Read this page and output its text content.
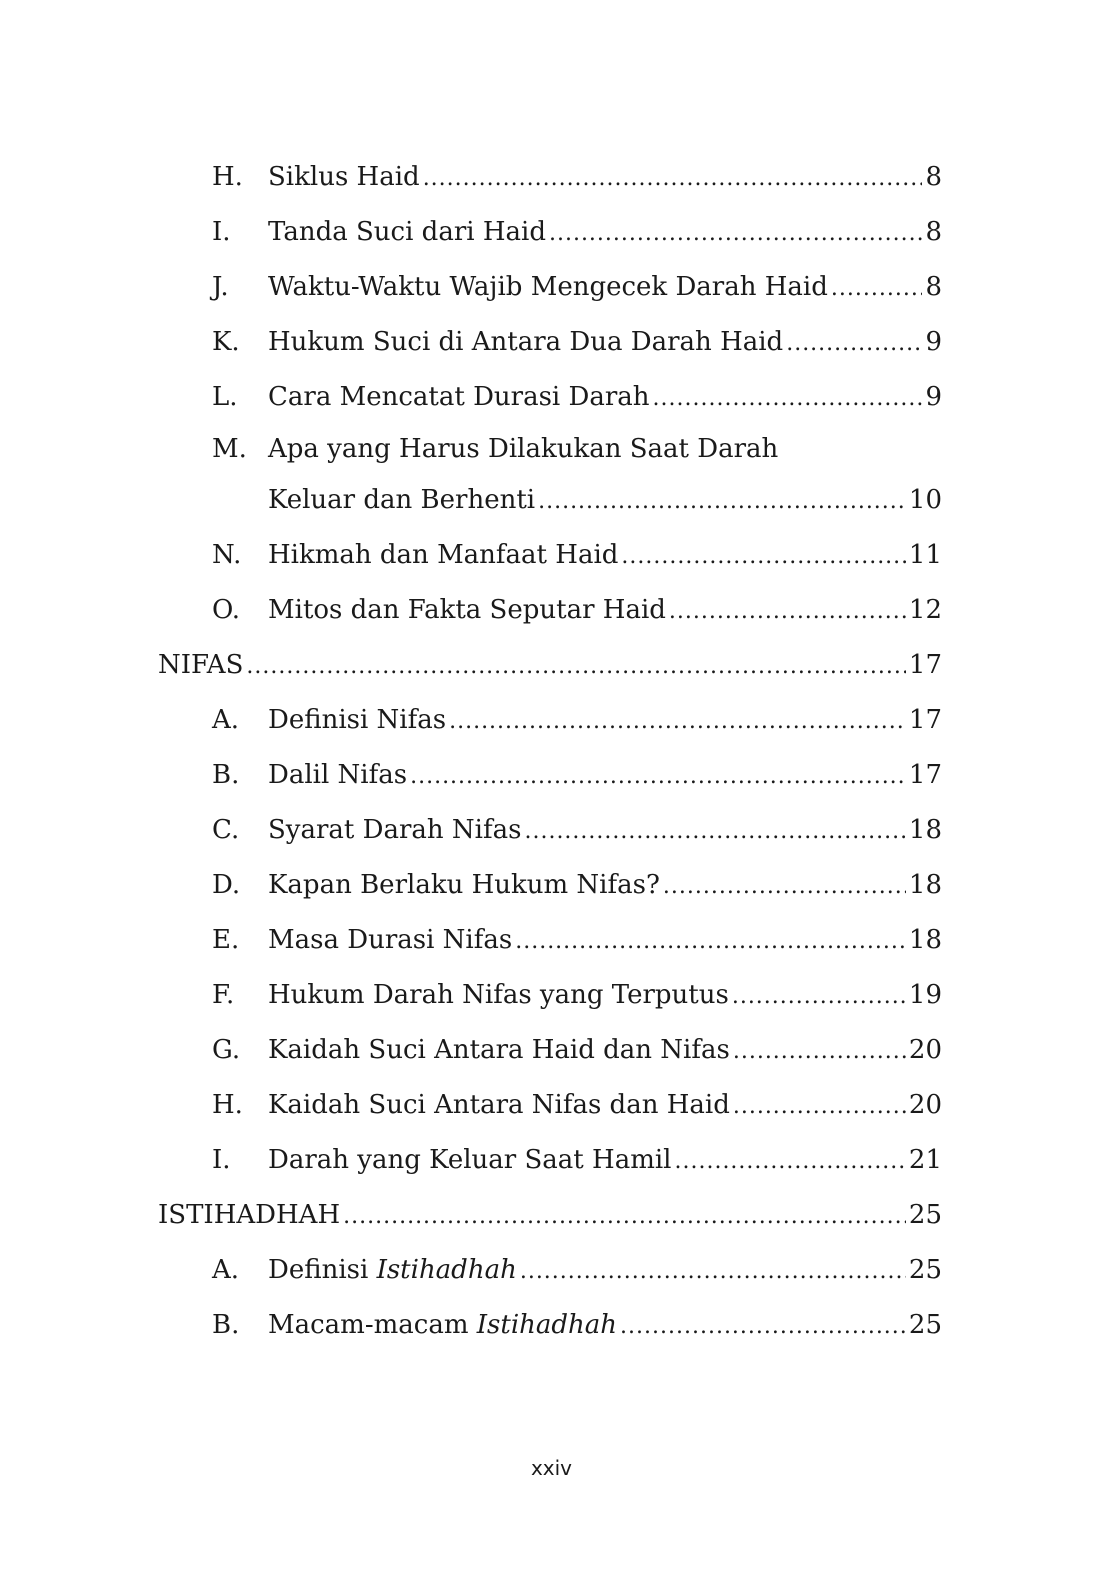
H. Siklus Haid .....	8
I.	Tanda Suci dari Haid .....	8
J.	Waktu-Waktu Wajib Mengecek Darah Haid .....	8
K.	Hukum Suci di Antara Dua Darah Haid .....	9
L.	Cara Mencatat Durasi Darah .....	9
M. Apa yang Harus Dilakukan Saat Darah
Keluar dan Berhenti .....	10
N.	Hikmah dan Manfaat Haid .....	11
O.	Mitos dan Fakta Seputar Haid .....	12
NIFAS .....	17
A.	Definisi Nifas .....	17
B.	Dalil Nifas .....	17
C.	Syarat Darah Nifas .....	18
D.	Kapan Berlaku Hukum Nifas? .....	18
E.	Masa Durasi Nifas .....	18
F.	Hukum Darah Nifas yang Terputus .....	19
G.	Kaidah Suci Antara Haid dan Nifas .....	20
H. Kaidah Suci Antara Nifas dan Haid .....	20
I.	Darah yang Keluar Saat Hamil .....	21
ISTIHADHAH .....	25
A.	Definisi Istihadhah .....	25
B.	Macam-macam Istihadhah .....	25
xxiv
